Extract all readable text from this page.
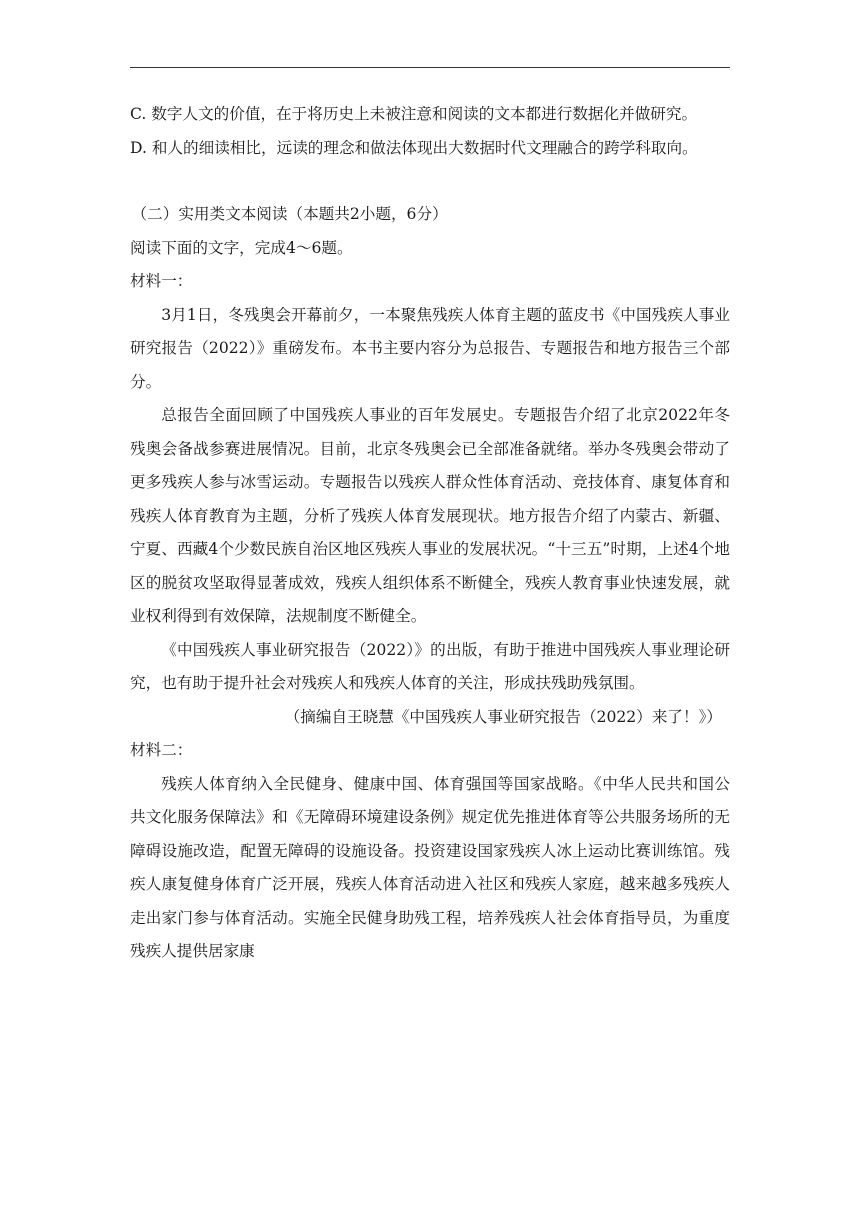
C. 数字人文的价值，在于将历史上未被注意和阅读的文本都进行数据化并做研究。

D. 和人的细读相比，远读的理念和做法体现出大数据时代文理融合的跨学科取向。

（二）实用类文本阅读（本题共2小题，6分）

阅读下面的文字，完成4～6题。

材料一：

3月1日，冬残奥会开幕前夕，一本聚焦残疾人体育主题的蓝皮书《中国残疾人事业研究报告（2022）》重磅发布。本书主要内容分为总报告、专题报告和地方报告三个部分。

总报告全面回顾了中国残疾人事业的百年发展史。专题报告介绍了北京2022年冬残奥会备战参赛进展情况。目前，北京冬残奥会已全部准备就绪。举办冬残奥会带动了更多残疾人参与冰雪运动。专题报告以残疾人群众性体育活动、竞技体育、康复体育和残疾人体育教育为主题，分析了残疾人体育发展现状。地方报告介绍了内蒙古、新疆、宁夏、西藏4个少数民族自治区地区残疾人事业的发展状况。“十三五”时期，上述4个地区的脱贫攻坚取得显著成效，残疾人组织体系不断健全，残疾人教育事业快速发展，就业权利得到有效保障，法规制度不断健全。

《中国残疾人事业研究报告（2022）》的出版，有助于推进中国残疾人事业理论研究，也有助于提升社会对残疾人和残疾人体育的关注，形成扶残助残氛围。

（摘编自王晓慧《中国残疾人事业研究报告（2022）来了！》）

材料二：

残疾人体育纳入全民健身、健康中国、体育强国等国家战略。《中华人民共和国公共文化服务保障法》和《无障碍环境建设条例》规定优先推进体育等公共服务场所的无障碍设施改造，配置无障碍的设施设备。投资建设国家残疾人冰上运动比赛训练馆。残疾人康复健身体育广泛开展，残疾人体育活动进入社区和残疾人家庭，越来越多残疾人走出家门参与体育活动。实施全民健身助残工程，培养残疾人社会体育指导员，为重度残疾人提供居家康
